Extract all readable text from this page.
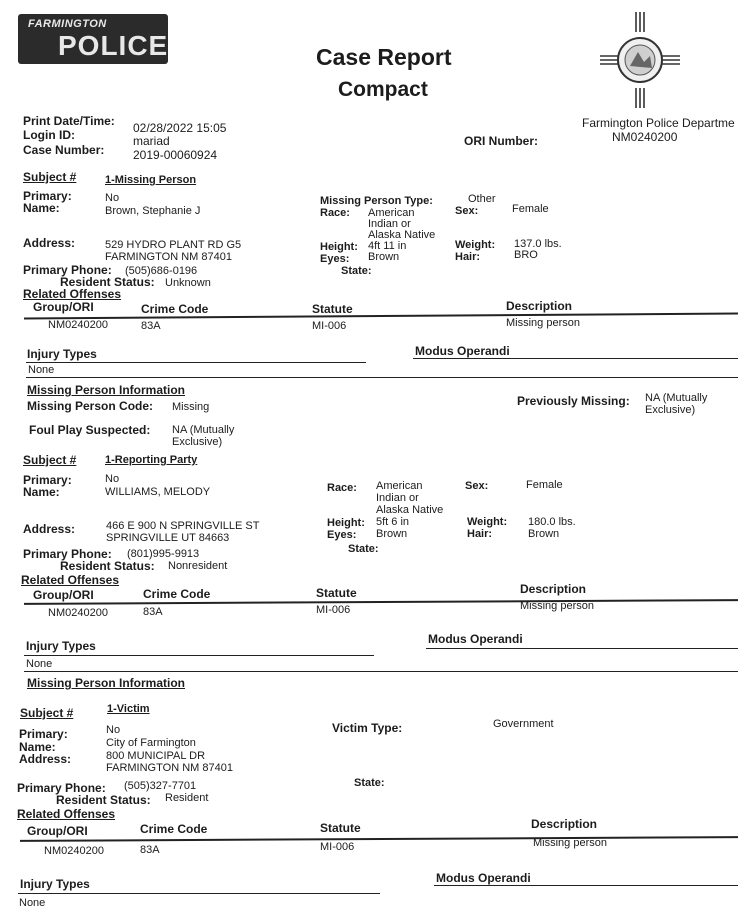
FARMINGTON
POLICE	Case Report
Compact
Farmington Police Departme
NM0240200
Print Date/Time: 02/28/2022 15:05
Login ID:	mariad
Case Number: 2019-00060924
ORI Number:
Subject #	1-Missing Person
Primary:	No
Name:	Brown, Stephanie J
Missing Person Type:	Other
Race: American
Indian or
Alaska Native
Sex:	Female
Address:	529 HYDRO PLANT RD G5
FARMINGTON NM 87401
Height: 4ft 11 in
Eyes: Brown
Weight: 137.0 lbs.
Hair:	BRO
State:
Primary Phone: (505)686-0196
Resident Status: Unknown
Related Offenses
Group/ORI	Crime Code	Statute	Description
NM0240200	83A	MI-006	Missing person
Injury Types	Modus Operandi
None
Missing Person Information
Missing Person Code: Missing	Previously Missing: NA (Mutually
Exclusive)
Foul Play Suspected: NA (Mutually
Exclusive)
Subject #	1-Reporting Party
Primary:	No
Name:	WILLIAMS, MELODY	Race: American
Indian or
Alaska Native
Sex:	Female
Address:	466 E 900 N SPRINGVILLE ST
SPRINGVILLE UT 84663
Height: 5ft 6 in
Eyes: Brown
Weight: 180.0 lbs.
Hair:	Brown
State:
Primary Phone: (801)995-9913
Resident Status: Nonresident
Related Offenses
Group/ORI	Crime Code	Statute	Description
NM0240200	83A	MI-006	Missing person
Injury Types	Modus Operandi
None
Missing Person Information
Subject #	1-Victim
Primary:	No
Name:	City of Farmington
Address:	800 MUNICIPAL DR
FARMINGTON NM 87401
Victim Type:	Government
State:
Primary Phone: (505)327-7701
Resident Status: Resident
Related Offenses
Group/ORI	Crime Code	Statute	Description
NM0240200	83A	MI-006	Missing person
Injury Types	Modus Operandi
None
